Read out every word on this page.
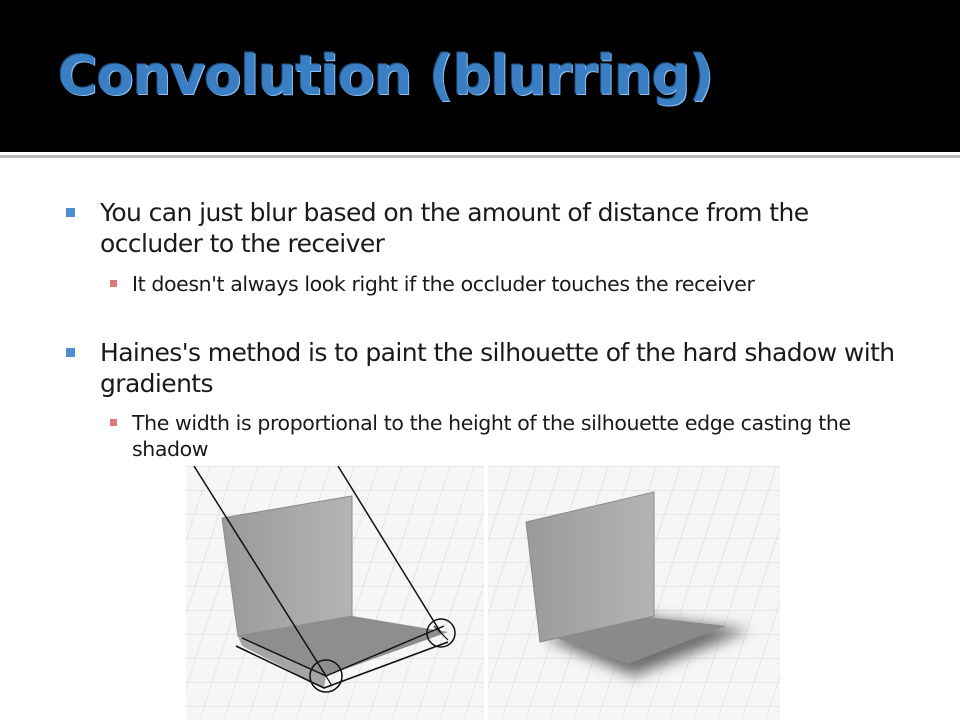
Convolution (blurring)
You can just blur based on the amount of distance from the occluder to the receiver
It doesn't always look right if the occluder touches the receiver
Haines's method is to paint the silhouette of the hard shadow with gradients
The width is proportional to the height of the silhouette edge casting the shadow
